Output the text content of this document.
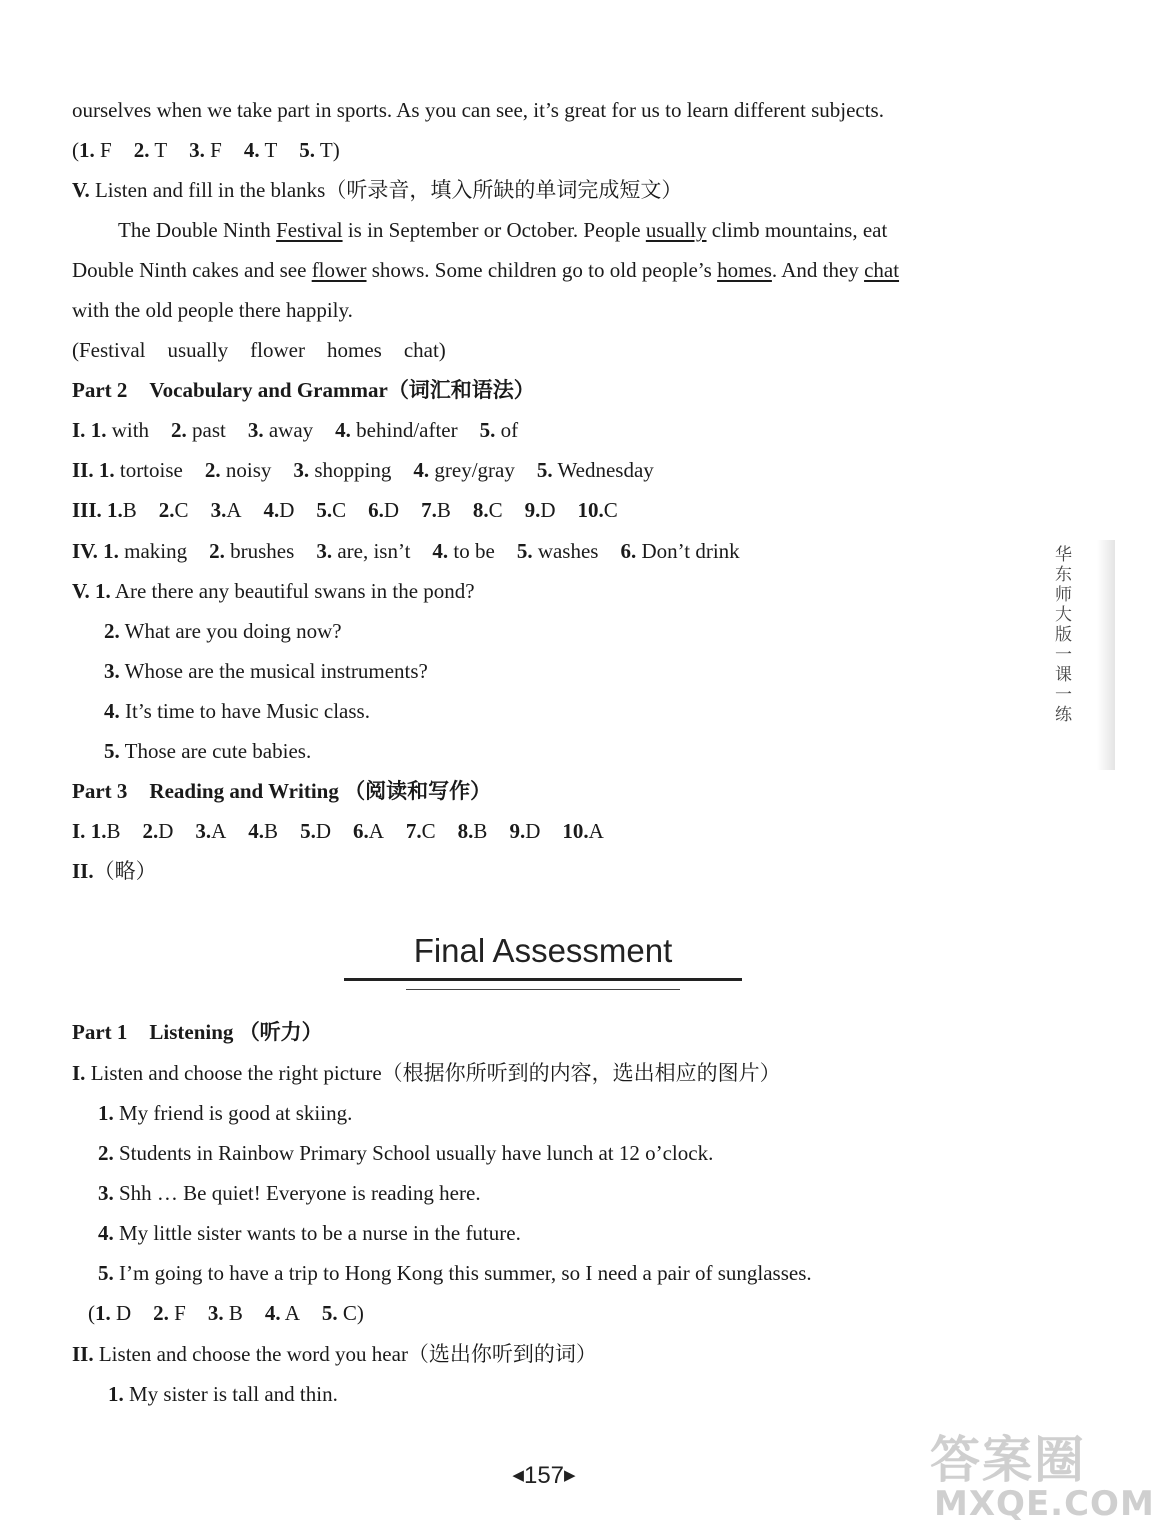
ourselves when we take part in sports. As you can see, it’s great for us to learn different subjects.
(1. F 2. T 3. F 4. T 5. T)
V. Listen and fill in the blanks（听录音，填入所缺的单词完成短文）
The Double Ninth Festival is in September or October. People usually climb mountains, eat
Double Ninth cakes and see flower shows. Some children go to old people’s homes. And they chat
with the old people there happily.
(Festival usually flower homes chat)
Part 2 Vocabulary and Grammar（词汇和语法）
I. 1. with 2. past 3. away 4. behind/after 5. of
II. 1. tortoise 2. noisy 3. shopping 4. grey/gray 5. Wednesday
III. 1.B 2.C 3.A 4.D 5.C 6.D 7.B 8.C 9.D 10.C
IV. 1. making 2. brushes 3. are, isn’t 4. to be 5. washes 6. Don’t drink
V. 1. Are there any beautiful swans in the pond?
2. What are you doing now?
3. Whose are the musical instruments?
4. It’s time to have Music class.
5. Those are cute babies.
Part 3 Reading and Writing （阅读和写作）
I. 1.B 2.D 3.A 4.B 5.D 6.A 7.C 8.B 9.D 10.A
II.（略）
Final Assessment
Part 1 Listening （听力）
I. Listen and choose the right picture（根据你所听到的内容，选出相应的图片）
1. My friend is good at skiing.
2. Students in Rainbow Primary School usually have lunch at 12 o’clock.
3. Shh … Be quiet! Everyone is reading here.
4. My little sister wants to be a nurse in the future.
5. I’m going to have a trip to Hong Kong this summer, so I need a pair of sunglasses.
(1. D 2. F 3. B 4. A 5. C)
II. Listen and choose the word you hear（选出你听到的词）
1. My sister is tall and thin.
◀157▶
华东师大版一课一练
答案圈
MXQE.COM
